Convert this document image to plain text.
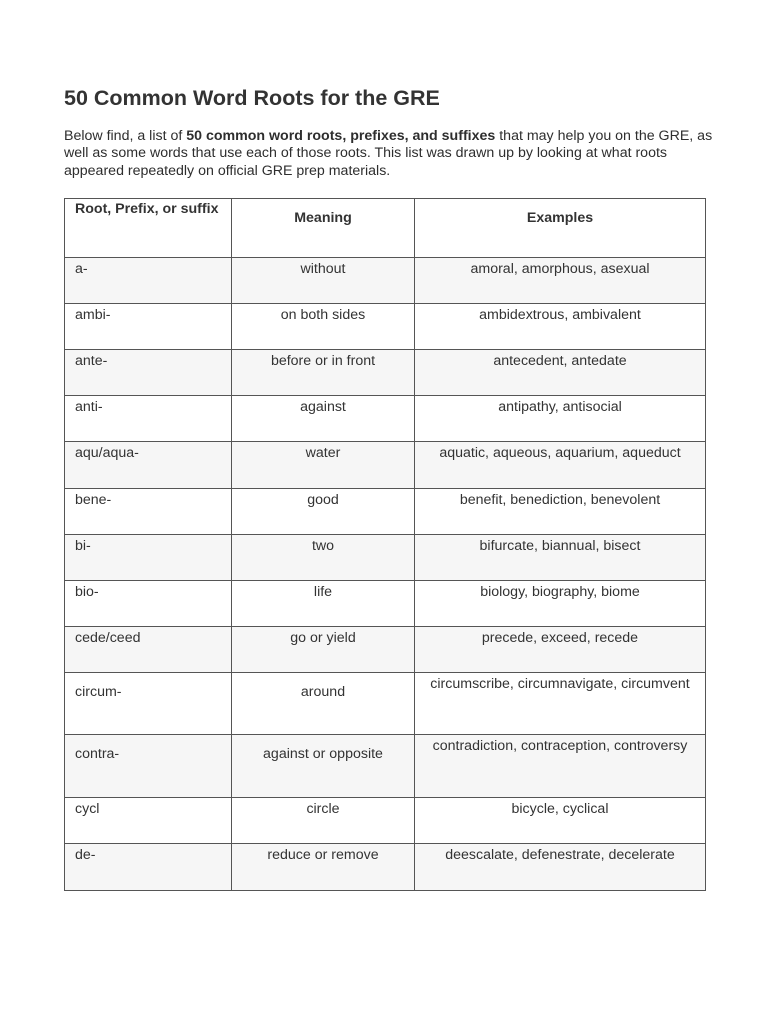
50 Common Word Roots for the GRE

Below find, a list of 50 common word roots, prefixes, and suffixes that may help you on the GRE, as well as some words that use each of those roots. This list was drawn up by looking at what roots appeared repeatedly on official GRE prep materials.

Root, Prefix, or suffix	Meaning	Examples
a-	without	amoral, amorphous, asexual
ambi-	on both sides	ambidextrous, ambivalent
ante-	before or in front	antecedent, antedate
anti-	against	antipathy, antisocial
aqu/aqua-	water	aquatic, aqueous, aquarium, aqueduct
bene-	good	benefit, benediction, benevolent
bi-	two	bifurcate, biannual, bisect
bio-	life	biology, biography, biome
cede/ceed	go or yield	precede, exceed, recede
circum-	around	circumscribe, circumnavigate, circumvent
contra-	against or opposite	contradiction, contraception, controversy
cycl	circle	bicycle, cyclical
de-	reduce or remove	deescalate, defenestrate, decelerate
